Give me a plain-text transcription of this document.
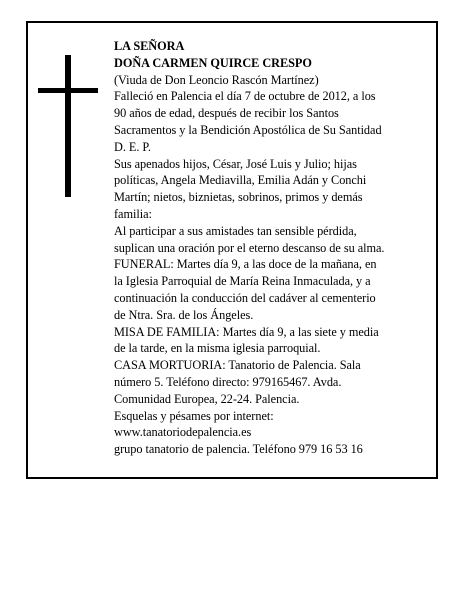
LA SEÑORA
DOÑA CARMEN QUIRCE CRESPO
(Viuda de Don Leoncio Rascón Martínez)
Falleció en Palencia el día 7 de octubre de 2012, a los
90 años de edad, después de recibir los Santos
Sacramentos y la Bendición Apostólica de Su Santidad
D. E. P.
Sus apenados hijos, César, José Luis y Julio; hijas
políticas, Angela Mediavilla, Emilia Adán y Conchi
Martín; nietos, biznietas, sobrinos, primos y demás
familia:
Al participar a sus amistades tan sensible pérdida,
suplican una oración por el eterno descanso de su alma.
FUNERAL: Martes día 9, a las doce de la mañana, en
la Iglesia Parroquial de María Reina Inmaculada, y a
continuación la conducción del cadáver al cementerio
de Ntra. Sra. de los Ángeles.
MISA DE FAMILIA: Martes día 9, a las siete y media
de la tarde, en la misma iglesia parroquial.
CASA MORTUORIA: Tanatorio de Palencia. Sala
número 5. Teléfono directo: 979165467. Avda.
Comunidad Europea, 22-24. Palencia.
Esquelas y pésames por internet:
www.tanatoriodepalencia.es
grupo tanatorio de palencia. Teléfono 979 16 53 16
